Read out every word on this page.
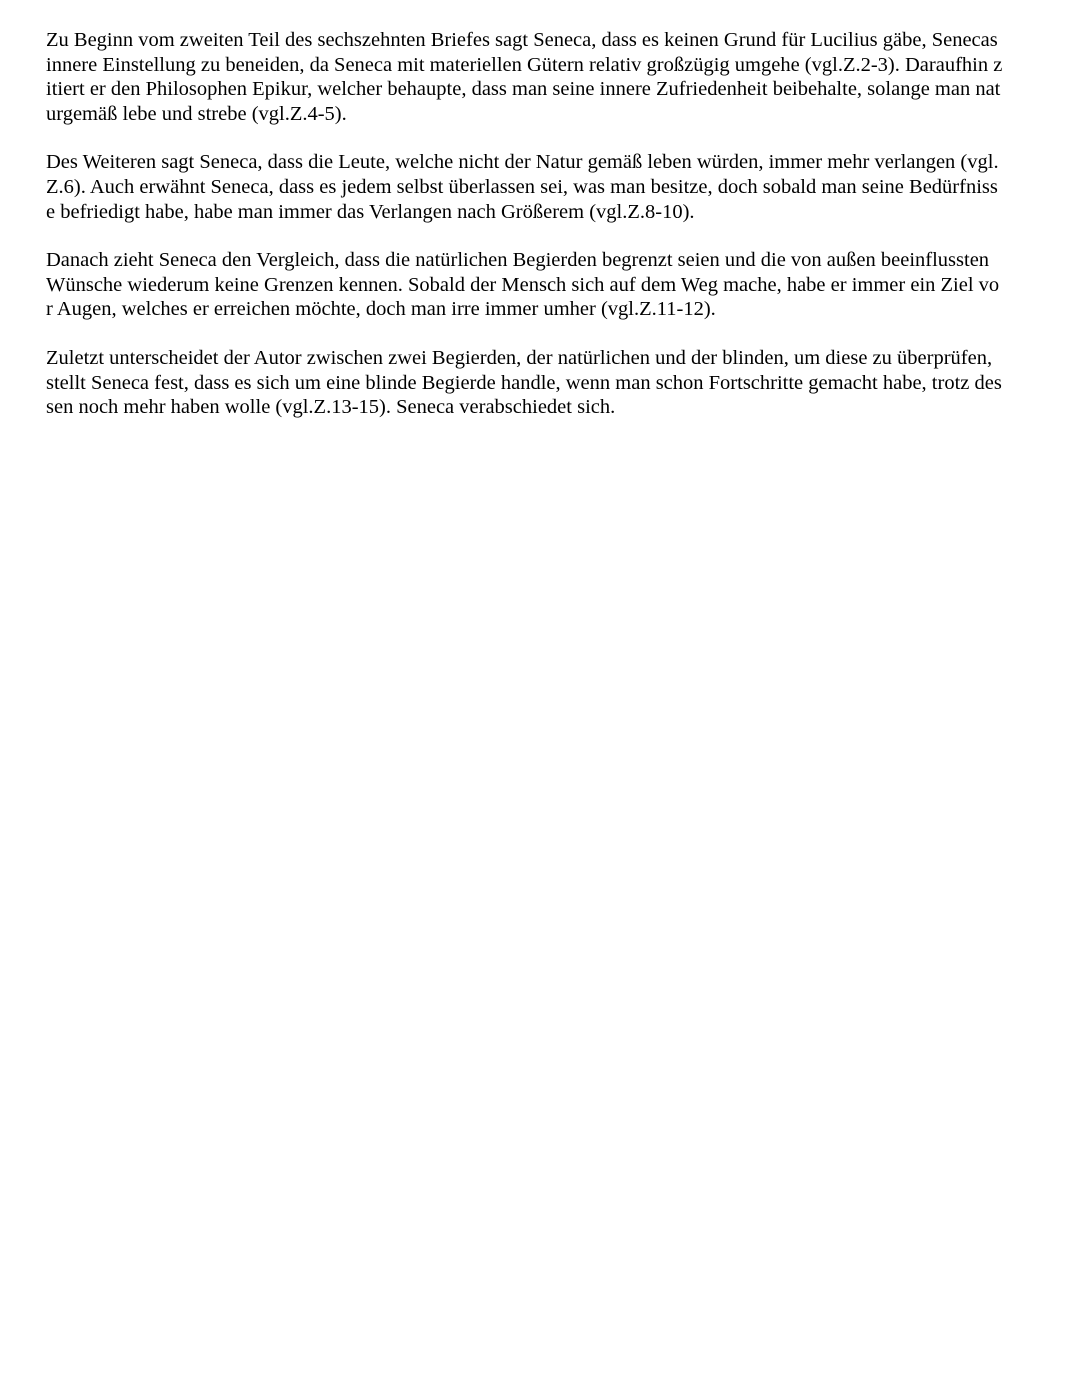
Zu Beginn vom zweiten Teil des sechszehnten Briefes sagt Seneca, dass es keinen Grund für Lucilius gäbe, Senecas
innere Einstellung zu beneiden, da Seneca mit materiellen Gütern relativ großzügig umgehe (vgl.Z.2-3). Daraufhin z
itiert er den Philosophen Epikur, welcher behaupte, dass man seine innere Zufriedenheit beibehalte, solange man nat
urgemäß lebe und strebe (vgl.Z.4-5).

Des Weiteren sagt Seneca, dass die Leute, welche nicht der Natur gemäß leben würden, immer mehr verlangen (vgl.
Z.6). Auch erwähnt Seneca, dass es jedem selbst überlassen sei, was man besitze, doch sobald man seine Bedürfniss
e befriedigt habe, habe man immer das Verlangen nach Größerem (vgl.Z.8-10).

Danach zieht Seneca den Vergleich, dass die natürlichen Begierden begrenzt seien und die von außen beeinflussten
Wünsche wiederum keine Grenzen kennen. Sobald der Mensch sich auf dem Weg mache, habe er immer ein Ziel vo
r Augen, welches er erreichen möchte, doch man irre immer umher (vgl.Z.11-12).

Zuletzt unterscheidet der Autor zwischen zwei Begierden, der natürlichen und der blinden, um diese zu überprüfen,
stellt Seneca fest, dass es sich um eine blinde Begierde handle, wenn man schon Fortschritte gemacht habe, trotz des
sen noch mehr haben wolle (vgl.Z.13-15). Seneca verabschiedet sich.
